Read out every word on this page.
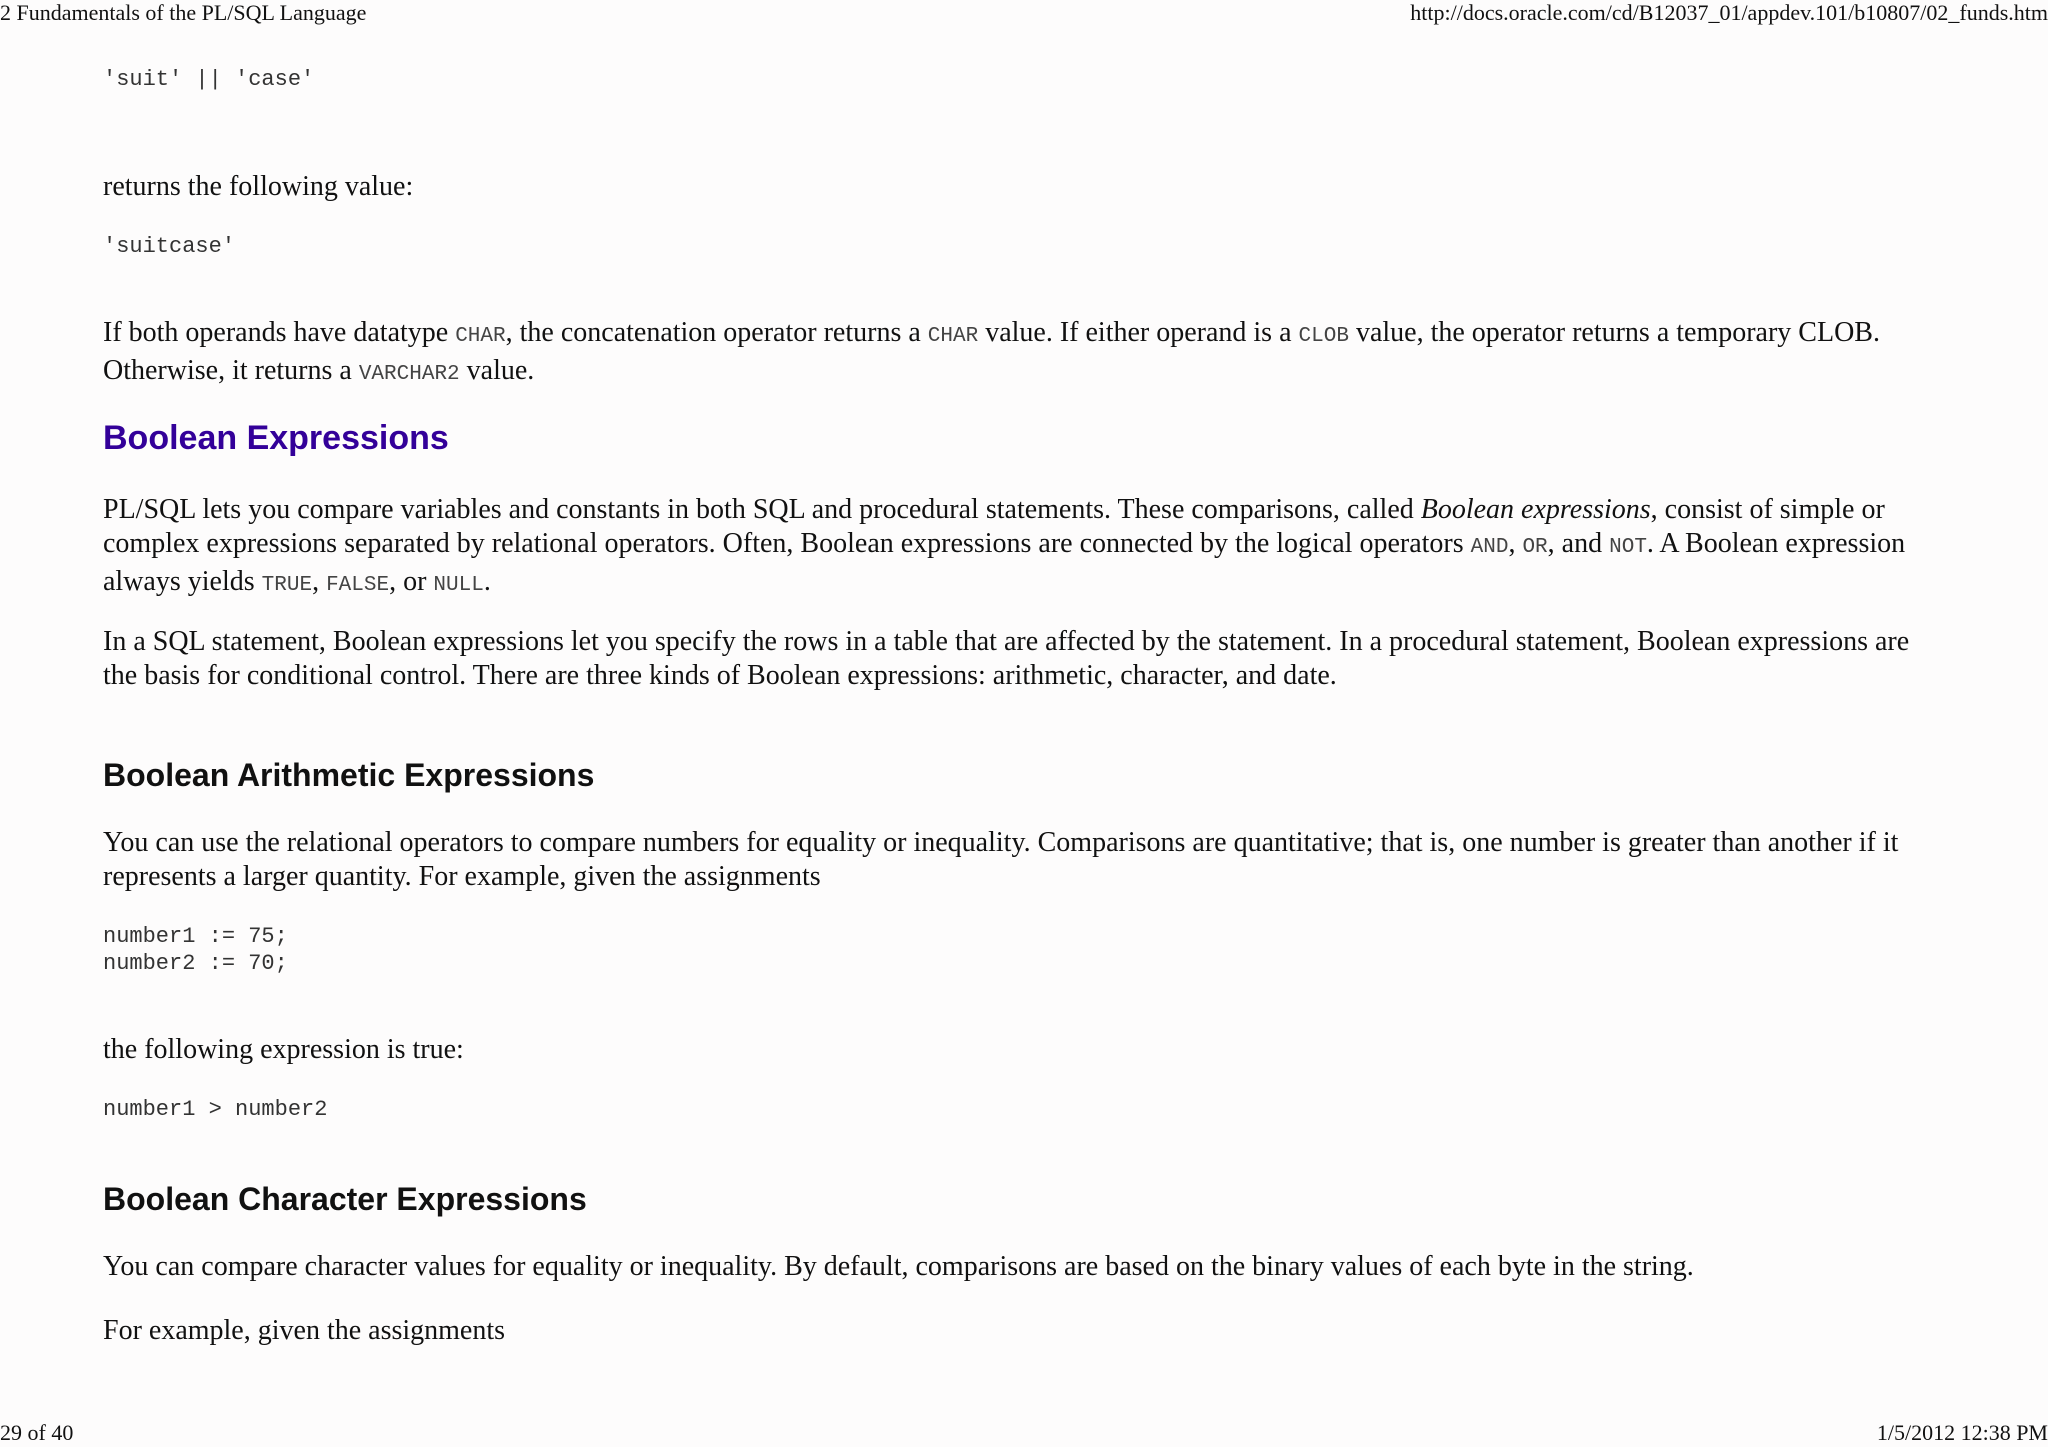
2 Fundamentals of the PL/SQL Language	http://docs.oracle.com/cd/B12037_01/appdev.101/b10807/02_funds.htm
'suit' || 'case'

returns the following value:

'suitcase'

If both operands have datatype CHAR, the concatenation operator returns a CHAR value. If either operand is a CLOB value, the operator returns a temporary CLOB. Otherwise, it returns a VARCHAR2 value.

Boolean Expressions

PL/SQL lets you compare variables and constants in both SQL and procedural statements. These comparisons, called Boolean expressions, consist of simple or complex expressions separated by relational operators. Often, Boolean expressions are connected by the logical operators AND, OR, and NOT. A Boolean expression always yields TRUE, FALSE, or NULL.

In a SQL statement, Boolean expressions let you specify the rows in a table that are affected by the statement. In a procedural statement, Boolean expressions are the basis for conditional control. There are three kinds of Boolean expressions: arithmetic, character, and date.

Boolean Arithmetic Expressions

You can use the relational operators to compare numbers for equality or inequality. Comparisons are quantitative; that is, one number is greater than another if it represents a larger quantity. For example, given the assignments

number1 := 75;
number2 := 70;

the following expression is true:

number1 > number2
Boolean Character Expressions

You can compare character values for equality or inequality. By default, comparisons are based on the binary values of each byte in the string.

For example, given the assignments

29 of 40	1/5/2012 12:38 PM
